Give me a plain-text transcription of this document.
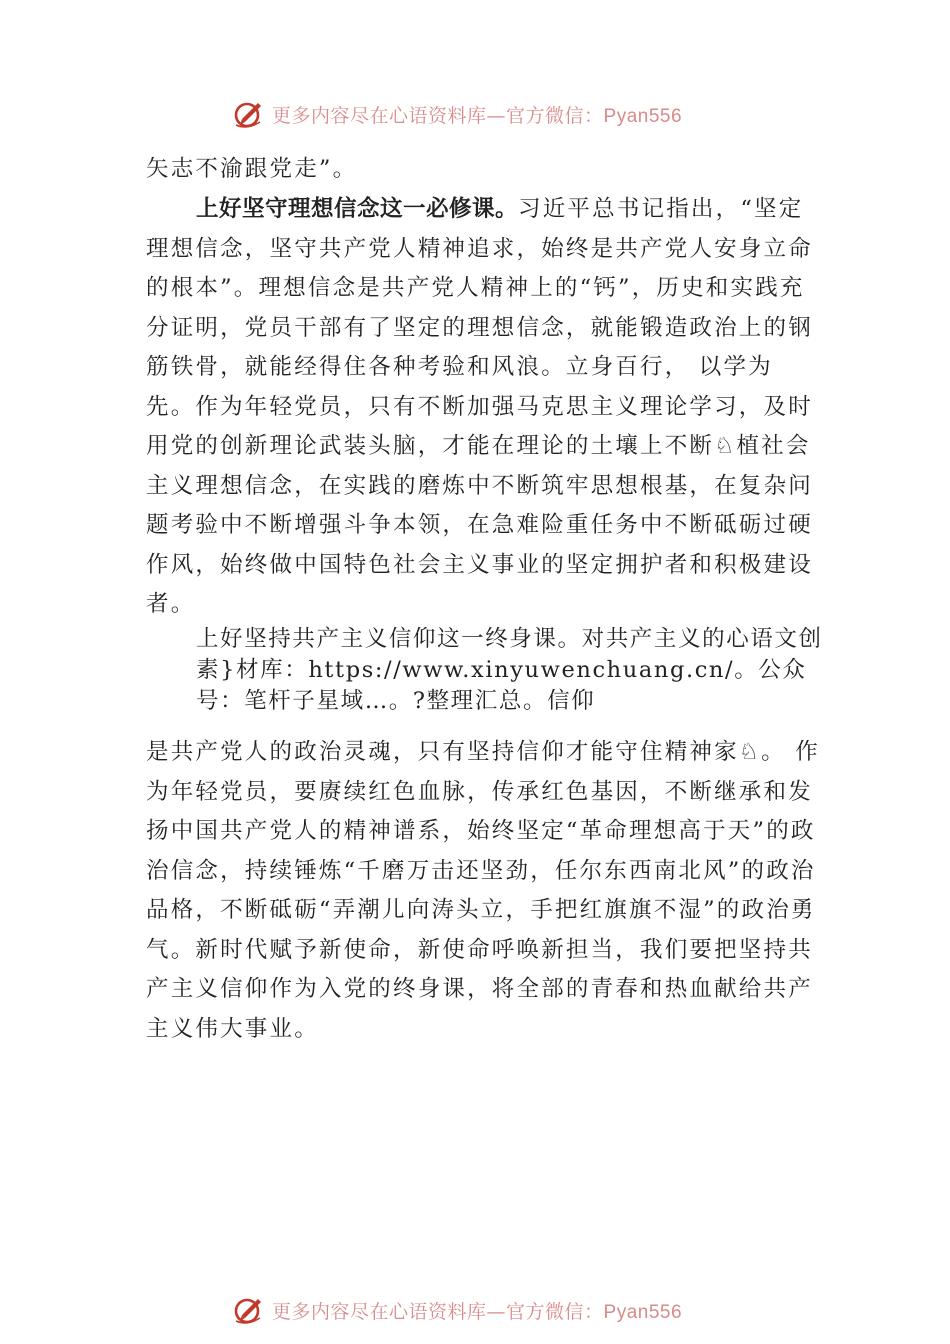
更多内容尽在心语资料库—官方微信：Pyan556
矢志不渝跟党走”。
上好坚守理想信念这一必修课。习近平总书记指出，“坚定理想信念，坚守共产党人精神追求，始终是共产党人安身立命的根本”。理想信念是共产党人精神上的“钙”，历史和实践充分证明，党员干部有了坚定的理想信念，就能锻造政治上的钢筋铁骨，就能经得住各种考验和风浪。立身百行， 以学为先。作为年轻党员，只有不断加强马克思主义理论学习，及时用党的创新理论武装头脑，才能在理论的土壤上不断♘植社会主义理想信念，在实践的磨炼中不断筑牢思想根基，在复杂问题考验中不断增强斗争本领，在急难险重任务中不断砥砺过硬作风，始终做中国特色社会主义事业的坚定拥护者和积极建设者。
上好坚持共产主义信仰这一终身课。对共产主义的心语文创素}材库：https://www.xinyuwenchuang.cn/。公众号：笔杆子星域…。?整理汇总。信仰
是共产党人的政治灵魂，只有坚持信仰才能守住精神家♘。 作为年轻党员，要赓续红色血脉，传承红色基因，不断继承和发扬中国共产党人的精神谱系，始终坚定“革命理想高于天”的政治信念，持续锤炼“千磨万击还坚劲，任尔东西南北风”的政治品格，不断砥砺“弄潮儿向涛头立，手把红旗旗不湿”的政治勇气。新时代赋予新使命，新使命呼唤新担当，我们要把坚持共产主义信仰作为入党的终身课，将全部的青春和热血献给共产主义伟大事业。
更多内容尽在心语资料库—官方微信：Pyan556
